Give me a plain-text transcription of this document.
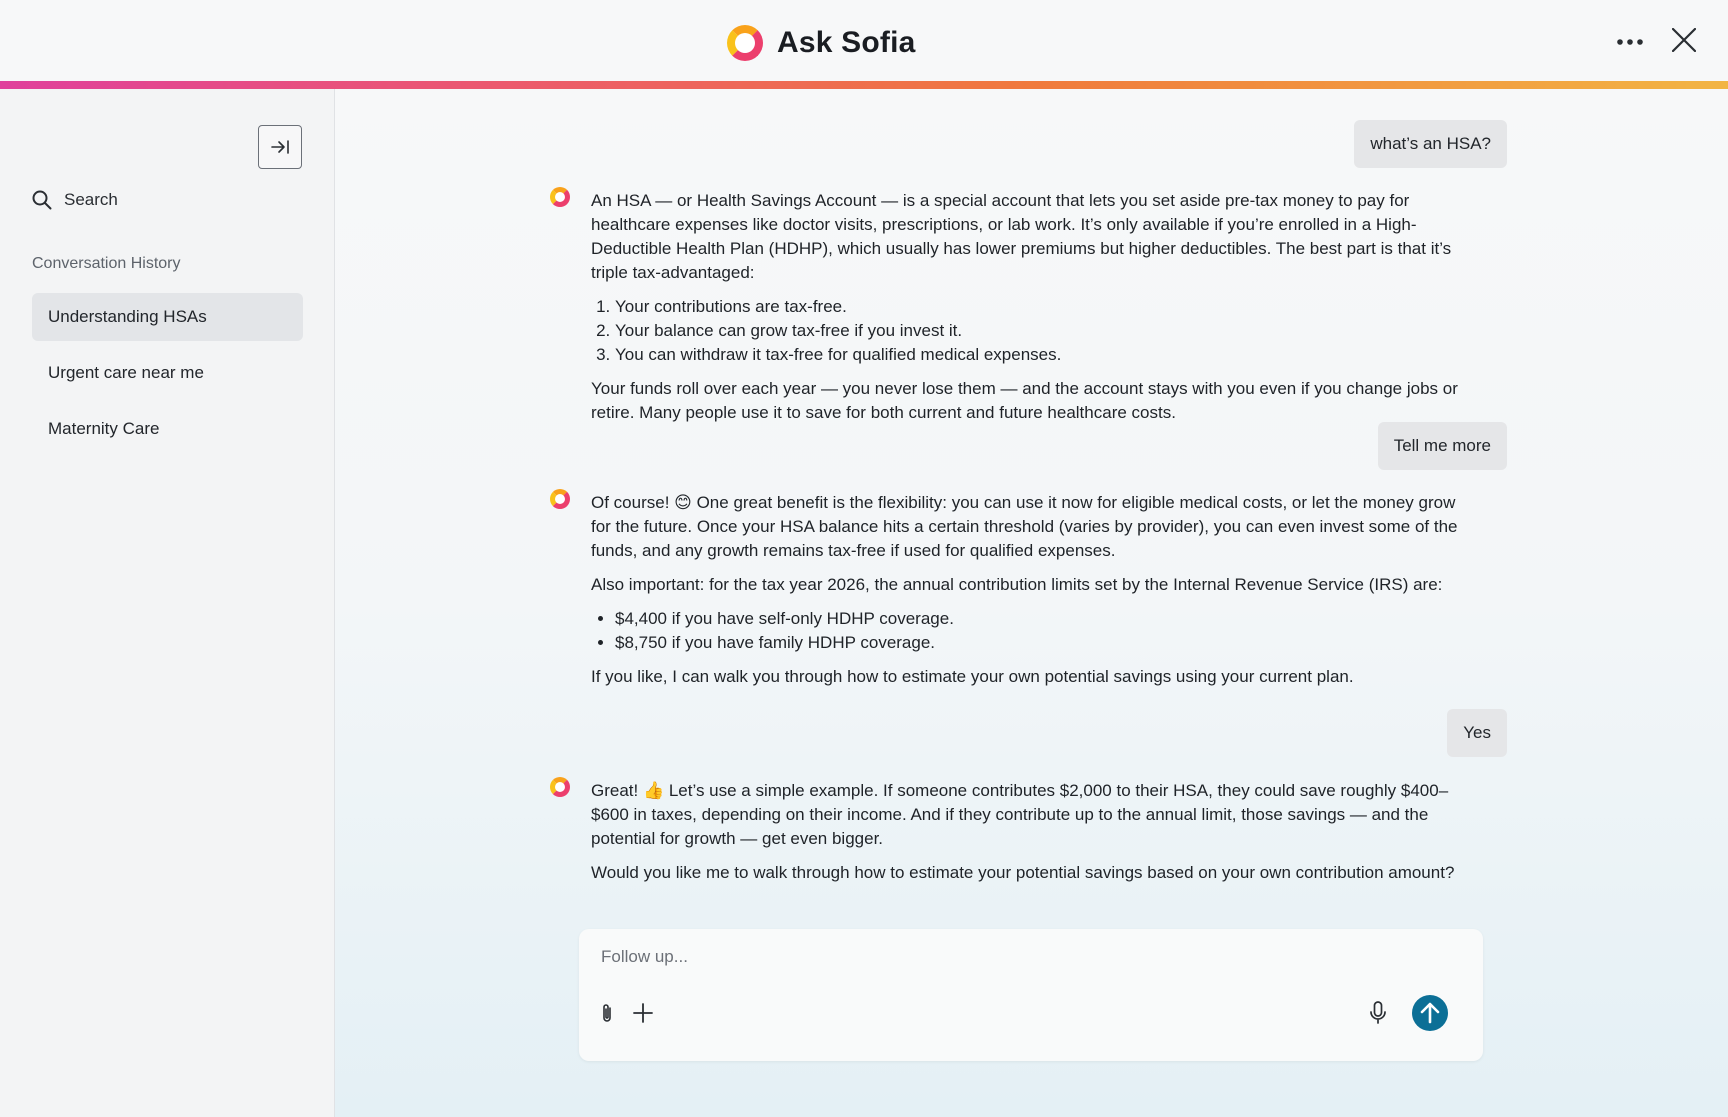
Ask Sofia
Search
Conversation History
Understanding HSAs
Urgent care near me
Maternity Care
what’s an HSA?

An HSA — or Health Savings Account — is a special account that lets you set aside pre-tax money to pay for healthcare expenses like doctor visits, prescriptions, or lab work. It’s only available if you’re enrolled in a High-Deductible Health Plan (HDHP), which usually has lower premiums but higher deductibles. The best part is that it’s triple tax-advantaged:

1. Your contributions are tax-free.
2. Your balance can grow tax-free if you invest it.
3. You can withdraw it tax-free for qualified medical expenses.

Your funds roll over each year — you never lose them — and the account stays with you even if you change jobs or retire. Many people use it to save for both current and future healthcare costs.

Tell me more

Of course! 😊 One great benefit is the flexibility: you can use it now for eligible medical costs, or let the money grow for the future. Once your HSA balance hits a certain threshold (varies by provider), you can even invest some of the funds, and any growth remains tax-free if used for qualified expenses.

Also important: for the tax year 2026, the annual contribution limits set by the Internal Revenue Service (IRS) are:

• $4,400 if you have self-only HDHP coverage.
• $8,750 if you have family HDHP coverage.

If you like, I can walk you through how to estimate your own potential savings using your current plan.

Yes

Great! 👍 Let’s use a simple example. If someone contributes $2,000 to their HSA, they could save roughly $400–$600 in taxes, depending on their income. And if they contribute up to the annual limit, those savings — and the potential for growth — get even bigger.

Would you like me to walk through how to estimate your potential savings based on your own contribution amount?

Follow up...
